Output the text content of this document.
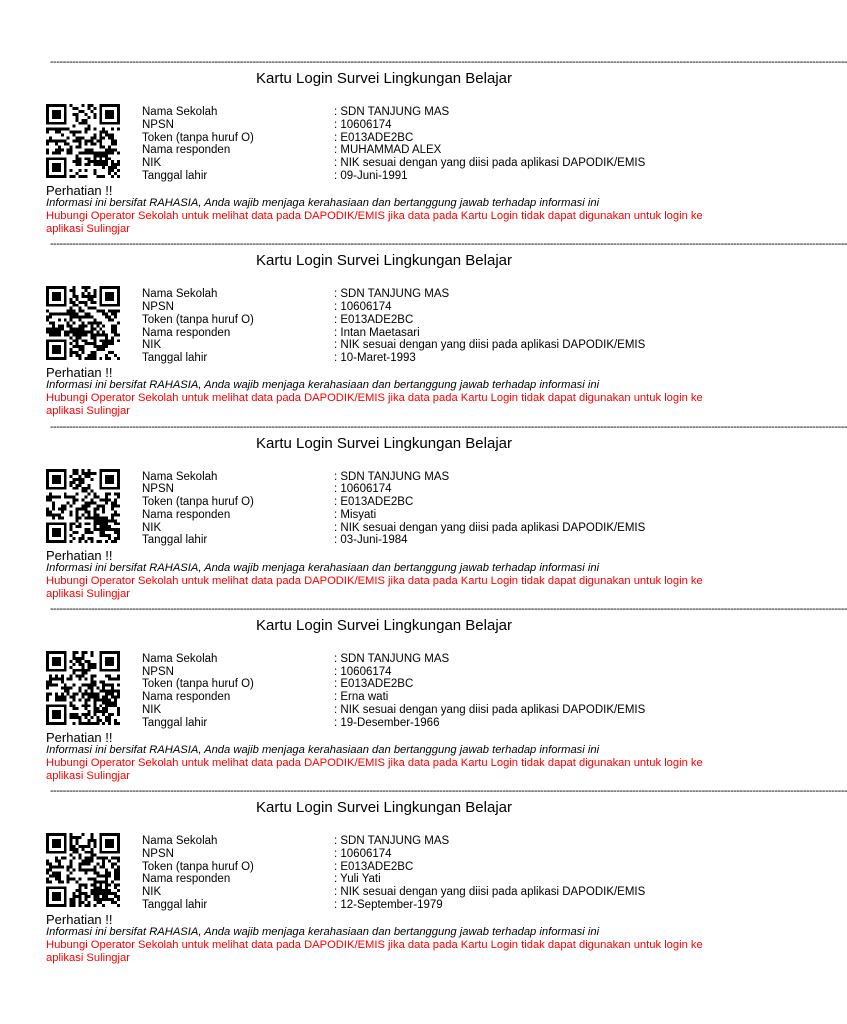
------------------------------------------------------------------------------------------------------------------------------------------------------------------------------------------------------------------------------------------------------------
Kartu Login Survei Lingkungan Belajar
Nama Sekolah	: SDN TANJUNG MAS
NPSN	: 10606174
Token (tanpa huruf O)	: E013ADE2BC
Nama responden	: MUHAMMAD ALEX
NIK	: NIK sesuai dengan yang diisi pada aplikasi DAPODIK/EMIS
Tanggal lahir	: 09-Juni-1991
Perhatian !!
Informasi ini bersifat RAHASIA, Anda wajib menjaga kerahasiaan dan bertanggung jawab terhadap informasi ini
Hubungi Operator Sekolah untuk melihat data pada DAPODIK/EMIS jika data pada Kartu Login tidak dapat digunakan untuk login ke aplikasi Sulingjar
------------------------------------------------------------------------------------------------------------------------------------------------------------------------------------------------------------------------------------------------------------
Kartu Login Survei Lingkungan Belajar
Nama Sekolah	: SDN TANJUNG MAS
NPSN	: 10606174
Token (tanpa huruf O)	: E013ADE2BC
Nama responden	: Intan Maetasari
NIK	: NIK sesuai dengan yang diisi pada aplikasi DAPODIK/EMIS
Tanggal lahir	: 10-Maret-1993
Perhatian !!
Informasi ini bersifat RAHASIA, Anda wajib menjaga kerahasiaan dan bertanggung jawab terhadap informasi ini
Hubungi Operator Sekolah untuk melihat data pada DAPODIK/EMIS jika data pada Kartu Login tidak dapat digunakan untuk login ke aplikasi Sulingjar
------------------------------------------------------------------------------------------------------------------------------------------------------------------------------------------------------------------------------------------------------------
Kartu Login Survei Lingkungan Belajar
Nama Sekolah	: SDN TANJUNG MAS
NPSN	: 10606174
Token (tanpa huruf O)	: E013ADE2BC
Nama responden	: Misyati
NIK	: NIK sesuai dengan yang diisi pada aplikasi DAPODIK/EMIS
Tanggal lahir	: 03-Juni-1984
Perhatian !!
Informasi ini bersifat RAHASIA, Anda wajib menjaga kerahasiaan dan bertanggung jawab terhadap informasi ini
Hubungi Operator Sekolah untuk melihat data pada DAPODIK/EMIS jika data pada Kartu Login tidak dapat digunakan untuk login ke aplikasi Sulingjar
------------------------------------------------------------------------------------------------------------------------------------------------------------------------------------------------------------------------------------------------------------
Kartu Login Survei Lingkungan Belajar
Nama Sekolah	: SDN TANJUNG MAS
NPSN	: 10606174
Token (tanpa huruf O)	: E013ADE2BC
Nama responden	: Erna wati
NIK	: NIK sesuai dengan yang diisi pada aplikasi DAPODIK/EMIS
Tanggal lahir	: 19-Desember-1966
Perhatian !!
Informasi ini bersifat RAHASIA, Anda wajib menjaga kerahasiaan dan bertanggung jawab terhadap informasi ini
Hubungi Operator Sekolah untuk melihat data pada DAPODIK/EMIS jika data pada Kartu Login tidak dapat digunakan untuk login ke aplikasi Sulingjar
------------------------------------------------------------------------------------------------------------------------------------------------------------------------------------------------------------------------------------------------------------
Kartu Login Survei Lingkungan Belajar
Nama Sekolah	: SDN TANJUNG MAS
NPSN	: 10606174
Token (tanpa huruf O)	: E013ADE2BC
Nama responden	: Yuli Yati
NIK	: NIK sesuai dengan yang diisi pada aplikasi DAPODIK/EMIS
Tanggal lahir	: 12-September-1979
Perhatian !!
Informasi ini bersifat RAHASIA, Anda wajib menjaga kerahasiaan dan bertanggung jawab terhadap informasi ini
Hubungi Operator Sekolah untuk melihat data pada DAPODIK/EMIS jika data pada Kartu Login tidak dapat digunakan untuk login ke aplikasi Sulingjar
